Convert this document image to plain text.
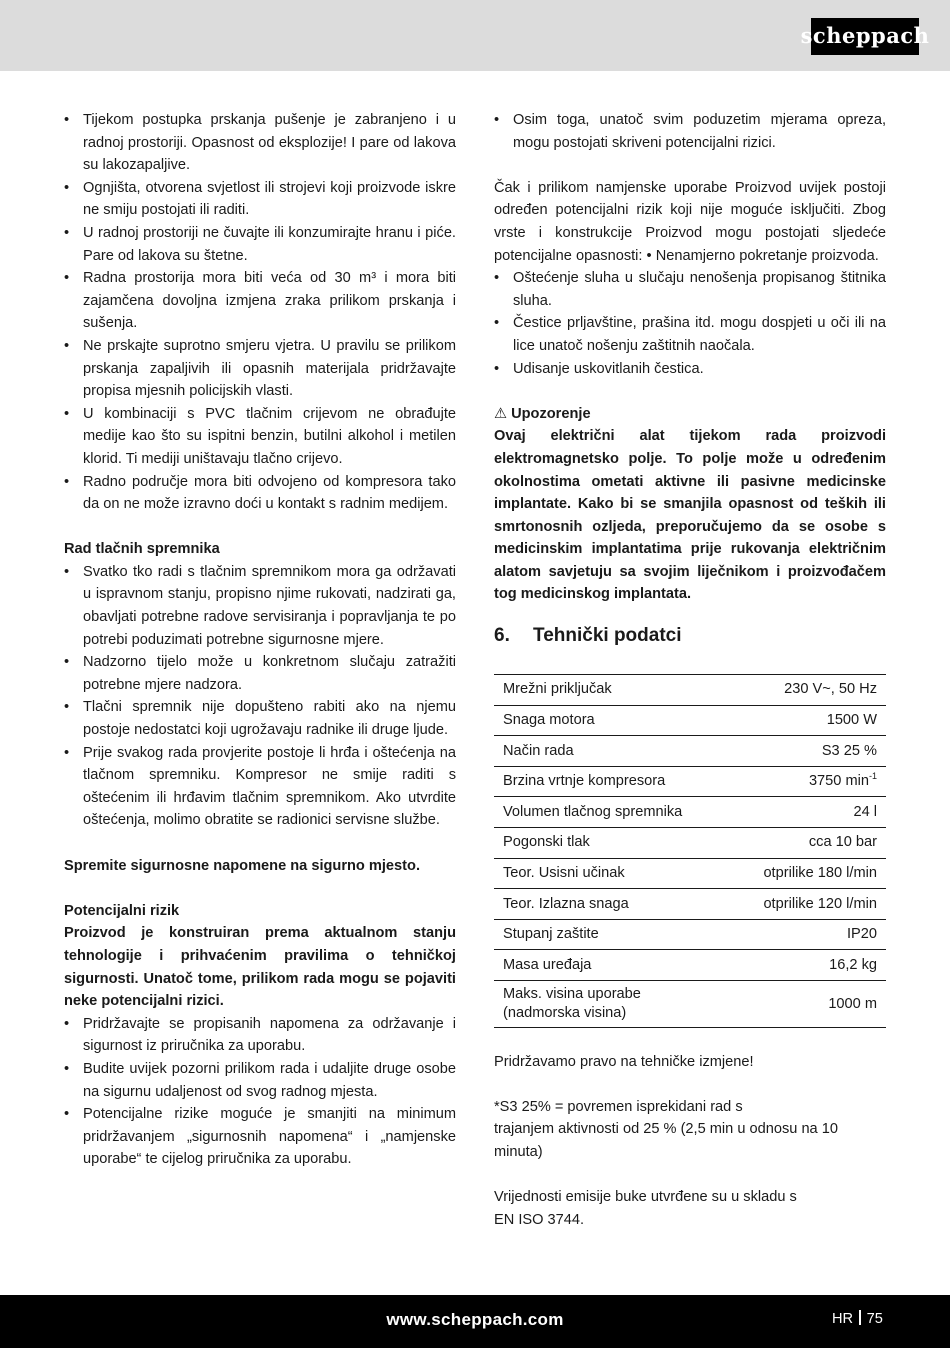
scheppach
• Tijekom postupka prskanja pušenje je zabranjeno i u radnoj prostoriji. Opasnost od eksplozije! I pare od lakova su lakozapaljive.
• Ognjišta, otvorena svjetlost ili strojevi koji proizvode iskre ne smiju postojati ili raditi.
• U radnoj prostoriji ne čuvajte ili konzumirajte hranu i piće. Pare od lakova su štetne.
• Radna prostorija mora biti veća od 30 m³ i mora biti zajamčena dovoljna izmjena zraka prilikom prskanja i sušenja.
• Ne prskajte suprotno smjeru vjetra. U pravilu se prilikom prskanja zapaljivih ili opasnih materijala pridržavajte propisa mjesnih policijskih vlasti.
• U kombinaciji s PVC tlačnim crijevom ne obrađujte medije kao što su ispitni benzin, butilni alkohol i metilen klorid. Ti mediji uništavaju tlačno crijevo.
• Radno područje mora biti odvojeno od kompresora tako da on ne može izravno doći u kontakt s radnim medijem.

Rad tlačnih spremnika

• Svatko tko radi s tlačnim spremnikom mora ga održavati u ispravnom stanju, propisno njime rukovati, nadzirati ga, obavljati potrebne radove servisiranja i popravljanja te po potrebi poduzimati potrebne sigurnosne mjere.
• Nadzorno tijelo može u konkretnom slučaju zatražiti potrebne mjere nadzora.
• Tlačni spremnik nije dopušteno rabiti ako na njemu postoje nedostatci koji ugrožavaju radnike ili druge ljude.
• Prije svakog rada provjerite postoje li hrđa i oštećenja na tlačnom spremniku. Kompresor ne smije raditi s oštećenim ili hrđavim tlačnim spremnikom. Ako utvrdite oštećenja, molimo obratite se radionici servisne službe.

Spremite sigurnosne napomene na sigurno mjesto.

Potencijalni rizik

Proizvod je konstruiran prema aktualnom stanju tehnologije i prihvaćenim pravilima o tehničkoj sigurnosti. Unatoč tome, prilikom rada mogu se pojaviti neke potencijalni rizici.

• Pridržavajte se propisanih napomena za održavanje i sigurnost iz priručnika za uporabu.
• Budite uvijek pozorni prilikom rada i udaljite druge osobe na sigurnu udaljenost od svog radnog mjesta.
• Potencijalne rizike moguće je smanjiti na minimum pridržavanjem „sigurnosnih napomena“ i „namjenske uporabe“ te cijelog priručnika za uporabu.
• Osim toga, unatoč svim poduzetim mjerama opreza, mogu postojati skriveni potencijalni rizici.

Čak i prilikom namjenske uporabe Proizvod uvijek postoji određen potencijalni rizik koji nije moguće isključiti. Zbog vrste i konstrukcije Proizvod mogu postojati sljedeće potencijalne opasnosti: • Nenamjerno pokretanje proizvoda.

• Oštećenje sluha u slučaju nenošenja propisanog štitnika sluha.
• Čestice prljavštine, prašina itd. mogu dospjeti u oči ili na lice unatoč nošenju zaštitnih naočala.
• Udisanje uskovitlanih čestica.

⚠ Upozorenje

Ovaj električni alat tijekom rada proizvodi elektromagnetsko polje. To polje može u određenim okolnostima ometati aktivne ili pasivne medicinske implantate. Kako bi se smanjila opasnost od teških ili smrtonosnih ozljeda, preporučujemo da se osobe s medicinskim implantatima prije rukovanja električnim alatom savjetuju sa svojim liječnikom i proizvođačem tog medicinskog implantata.

6.	Tehnički podatci
Mrežni priključak	230 V~, 50 Hz
Snaga motora	1500 W
Način rada	S3 25 %
Brzina vrtnje kompresora	3750 $\min^{-1}$
Volumen tlačnog spremnika	24 l
Pogonski tlak	cca 10 bar
Teor. Usisni učinak	otprilike 180 l/min
Teor. Izlazna snaga	otprilike 120 l/min
Stupanj zaštite	IP20
Masa uređaja	16,2 kg
Maks. visina uporabe
(nadmorska visina)	1000 m

Pridržavamo pravo na tehničke izmjene!

*S3 25% = povremen isprekidani rad s

trajanjem aktivnosti od 25 % (2,5 min u odnosu na 10 minuta)

Vrijednosti emisije buke utvrđene su u skladu s

EN ISO 3744.

www.scheppach.com	HR 75
